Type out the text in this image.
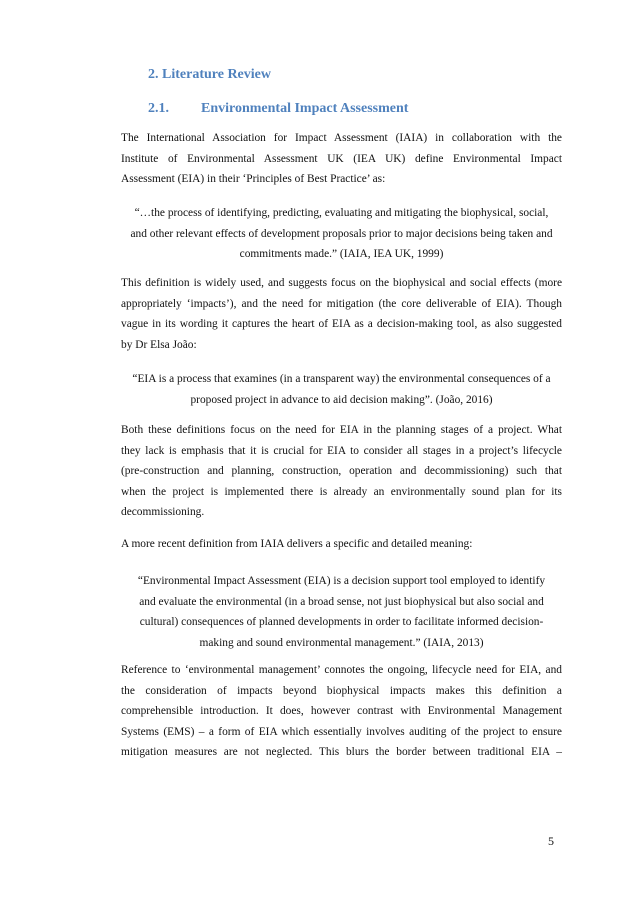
2. Literature Review
2.1. Environmental Impact Assessment
The International Association for Impact Assessment (IAIA) in collaboration with the
Institute of Environmental Assessment UK (IEA UK) define Environmental Impact
Assessment (EIA) in their ‘Principles of Best Practice’ as:
“…the process of identifying, predicting, evaluating and mitigating the biophysical, social,
and other relevant effects of development proposals prior to major decisions being taken and
commitments made.” (IAIA, IEA UK, 1999)
This definition is widely used, and suggests focus on the biophysical and social effects (more
appropriately ‘impacts’), and the need for mitigation (the core deliverable of EIA). Though
vague in its wording it captures the heart of EIA as a decision-making tool, as also suggested
by Dr Elsa João:
“EIA is a process that examines (in a transparent way) the environmental consequences of a
proposed project in advance to aid decision making”. (João, 2016)
Both these definitions focus on the need for EIA in the planning stages of a project. What
they lack is emphasis that it is crucial for EIA to consider all stages in a project’s lifecycle
(pre-construction and planning, construction, operation and decommissioning) such that
when the project is implemented there is already an environmentally sound plan for its
decommissioning.
A more recent definition from IAIA delivers a specific and detailed meaning:
“Environmental Impact Assessment (EIA) is a decision support tool employed to identify
and evaluate the environmental (in a broad sense, not just biophysical but also social and
cultural) consequences of planned developments in order to facilitate informed decision-
making and sound environmental management.” (IAIA, 2013)
Reference to ‘environmental management’ connotes the ongoing, lifecycle need for EIA, and
the consideration of impacts beyond biophysical impacts makes this definition a
comprehensible introduction. It does, however contrast with Environmental Management
Systems (EMS) – a form of EIA which essentially involves auditing of the project to ensure
mitigation measures are not neglected. This blurs the border between traditional EIA –
5
